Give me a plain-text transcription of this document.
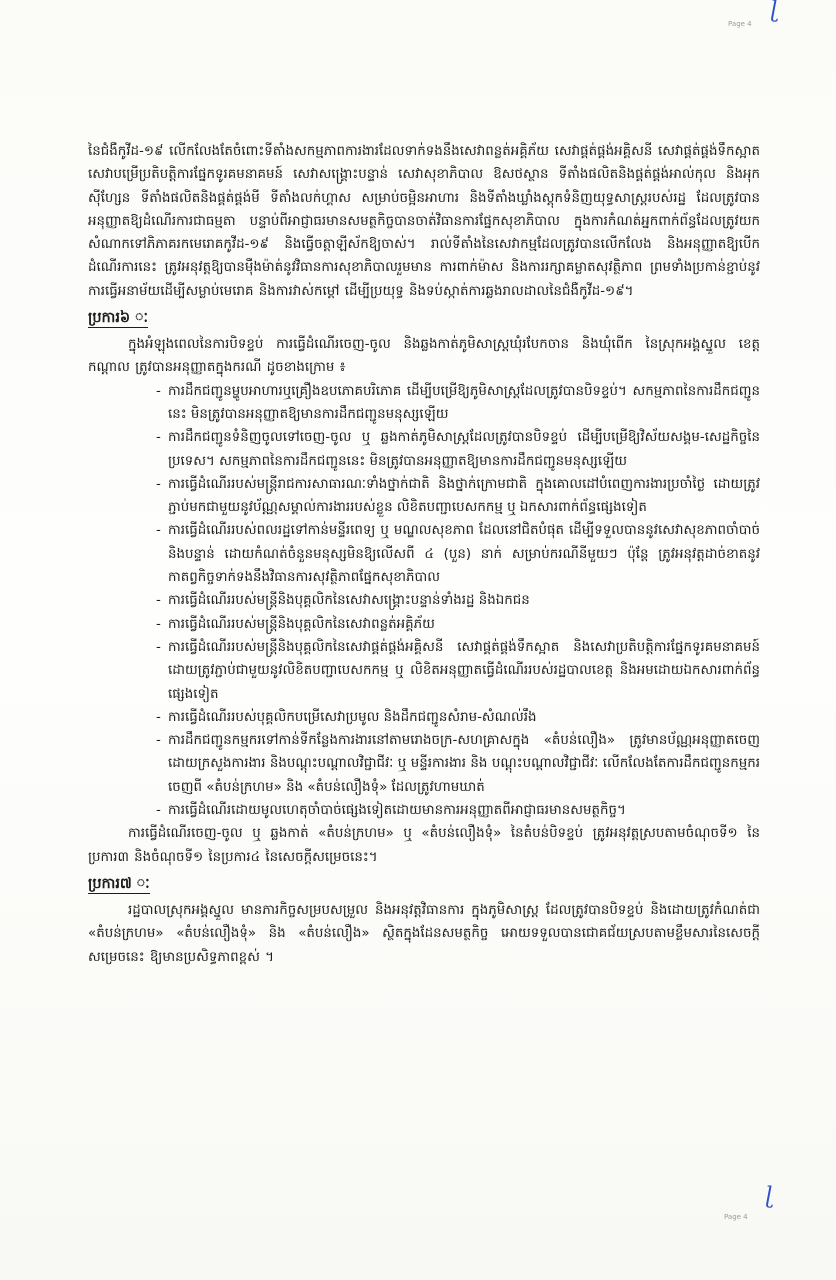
Page 4
ɭ

នៃជំងឺកូវីដ-១៩ លើកលែងតែចំពោះទីតាំងសកម្មភាពការងារដែលទាក់ទងនឹងសេវាពន្លត់អគ្គិភ័យ សេវាផ្គត់ផ្គង់អគ្គិសនី សេវាផ្គត់ផ្គង់ទឹកស្អាត សេវាបម្រើប្រតិបត្តិការផ្នែកទូរគមនាគមន៍ សេវាសង្គ្រោះបន្ទាន់ សេវាសុខាភិបាល ឱសថស្ថាន ទីតាំងផលិតនិងផ្គត់ផ្គង់អាល់កុល និងអុកស៊ីហ្សែន ទីតាំងផលិតនិងផ្គត់ផ្គង់មី ទីតាំងលក់ហ្គាស សម្រាប់ចម្អិនអាហារ និងទីតាំងឃ្លាំងស្តុកទំនិញយុទ្ធសាស្ត្ររបស់រដ្ឋ ដែលត្រូវបានអនុញ្ញាតឱ្យដំណើរការជាធម្មតា បន្ទាប់ពីអាជ្ញាធរមានសមត្ថកិច្ចបានចាត់វិធានការផ្នែកសុខាភិបាល ក្នុងការកំណត់អ្នកពាក់ព័ន្ធដែលត្រូវយកសំណាកទៅភិភាគរកមេរោគកូវីដ-១៩ និងធ្វើចត្តាឡីស័កឱ្យចាស់។ រាល់ទីតាំងនៃសេវាកម្មដែលត្រូវបានលើកលែង និងអនុញ្ញាតឱ្យបើកដំណើរការនេះ ត្រូវអនុវត្តឱ្យបានម៉ឺងម៉ាត់នូវវិធានការសុខាភិបាលរួមមាន ការពាក់ម៉ាស និងការរក្សាគម្លាតសុវត្ថិភាព ព្រមទាំងប្រកាន់ខ្ជាប់នូវការធ្វើអនាម័យដើម្បីសម្លាប់មេរោគ និងការវាស់កម្តៅ ដើម្បីប្រយុទ្ធ និងទប់ស្កាត់ការឆ្លងរាលដាលនៃជំងឺកូវីដ-១៩។

ប្រការ៦ ៈ

ក្នុងអំឡុងពេលនៃការបិទខ្ទប់ ការធ្វើដំណើរចេញ-ចូល និងឆ្លងកាត់ភូមិសាស្ត្រឃុំរបែកចាន និងឃុំពើក នៃស្រុកអង្គស្នួល ខេត្តកណ្តាល ត្រូវបានអនុញ្ញាតក្នុងករណី ដូចខាងក្រោម ៖

- ការដឹកជញ្ជូនម្ហូបអាហារឬគ្រឿងឧបភោគបរិភោគ ដើម្បីបម្រើឱ្យភូមិសាស្ត្រដែលត្រូវបានបិទខ្ទប់។ សកម្មភាពនៃការដឹកជញ្ជូននេះ មិនត្រូវបានអនុញ្ញាតឱ្យមានការដឹកជញ្ជូនមនុស្សឡើយ
- ការដឹកជញ្ជូនទំនិញចូលទៅចេញ-ចូល ឬ ឆ្លងកាត់ភូមិសាស្ត្រដែលត្រូវបានបិទខ្ទប់ ដើម្បីបម្រើឱ្យវិស័យសង្គម-សេដ្ឋកិច្ចនៃប្រទេស។ សកម្មភាពនៃការដឹកជញ្ជូននេះ មិនត្រូវបានអនុញ្ញាតឱ្យមានការដឹកជញ្ជូនមនុស្សឡើយ
- ការធ្វើដំណើររបស់មន្ត្រីរាជការសាធារណៈទាំងថ្នាក់ជាតិ និងថ្នាក់ក្រោមជាតិ ក្នុងគោលដៅបំពេញការងារប្រចាំថ្ងៃ ដោយត្រូវភ្ជាប់មកជាមួយនូវប័ណ្ណសម្គាល់ការងាររបស់ខ្លួន លិខិតបញ្ជាបេសកកម្ម ឬ ឯកសារពាក់ព័ន្ធផ្សេងទៀត
- ការធ្វើដំណើររបស់ពលរដ្ឋទៅកាន់មន្ទីរពេទ្យ ឬ មណ្ឌលសុខភាព ដែលនៅជិតបំផុត ដើម្បីទទួលបាននូវសេវាសុខភាពចាំបាច់និងបន្ទាន់ ដោយកំណត់ចំនួនមនុស្សមិនឱ្យលើសពី ៤ (បួន) នាក់ សម្រាប់ករណីនីមួយៗ ប៉ុន្តែ ត្រូវអនុវត្តដាច់ខាតនូវកាតព្វកិច្ចទាក់ទងនឹងវិធានការសុវត្ថិភាពផ្នែកសុខាភិបាល
- ការធ្វើដំណើររបស់មន្ត្រីនិងបុគ្គលិកនៃសេវាសង្គ្រោះបន្ទាន់ទាំងរដ្ឋ និងឯកជន
- ការធ្វើដំណើររបស់មន្ត្រីនិងបុគ្គលិកនៃសេវាពន្លត់អគ្គិភ័យ
- ការធ្វើដំណើររបស់មន្ត្រីនិងបុគ្គលិកនៃសេវាផ្គត់ផ្គង់អគ្គិសនី សេវាផ្គត់ផ្គង់ទឹកស្អាត និងសេវាប្រតិបត្តិការផ្នែកទូរគមនាគមន៍ ដោយត្រូវភ្ជាប់ជាមួយនូវលិខិតបញ្ជាបេសកកម្ម ឬ លិខិតអនុញ្ញាតធ្វើដំណើររបស់រដ្ឋបាលខេត្ត និងអមដោយឯកសារពាក់ព័ន្ធផ្សេងទៀត
- ការធ្វើដំណើររបស់បុគ្គលិកបម្រើសេវាប្រមូល និងដឹកជញ្ជូនសំរាម-សំណល់រឹង
- ការដឹកជញ្ជូនកម្មករទៅកាន់ទីកន្លែងការងារនៅតាមរោងចក្រ-សហគ្រាសក្នុង «តំបន់លឿង» ត្រូវមានប័ណ្ណអនុញ្ញាតចេញដោយក្រសួងការងារ និងបណ្តុះបណ្តាលវិជ្ជាជីវៈ ឬ មន្ទីរការងារ និង បណ្តុះបណ្តាលវិជ្ជាជីវៈ លើកលែងតែការដឹកជញ្ជូនកម្មករចេញពី «តំបន់ក្រហម» និង «តំបន់លឿងទុំ» ដែលត្រូវហាមឃាត់
- ការធ្វើដំណើរដោយមូលហេតុចាំបាច់ផ្សេងទៀតដោយមានការអនុញ្ញាតពីអាជ្ញាធរមានសមត្ថកិច្ច។

ការធ្វើដំណើរចេញ-ចូល ឬ ឆ្លងកាត់ «តំបន់ក្រហម» ឬ «តំបន់លឿងទុំ» នៃតំបន់បិទខ្ទប់ ត្រូវអនុវត្តស្របតាមចំណុចទី១ នៃប្រការ៣ និងចំណុចទី១ នៃប្រការ៤ នៃសេចក្តីសម្រេចនេះ។

ប្រការ៧ ៈ

រដ្ឋបាលស្រុកអង្គស្នួល មានភារកិច្ចសម្របសម្រួល និងអនុវត្តវិធានការ ក្នុងភូមិសាស្ត្រ ដែលត្រូវបានបិទខ្ទប់ និងដោយត្រូវកំណត់ជា «តំបន់ក្រហម» «តំបន់លឿងទុំ» និង «តំបន់លឿង» ស្ថិតក្នុងដែនសមត្ថកិច្ច អោយទទួលបានជោគជ័យស្របតាមខ្លឹមសារនៃសេចក្តីសម្រេចនេះ ឱ្យមានប្រសិទ្ធភាពខ្ពស់ ។

Page 4
ɭ
